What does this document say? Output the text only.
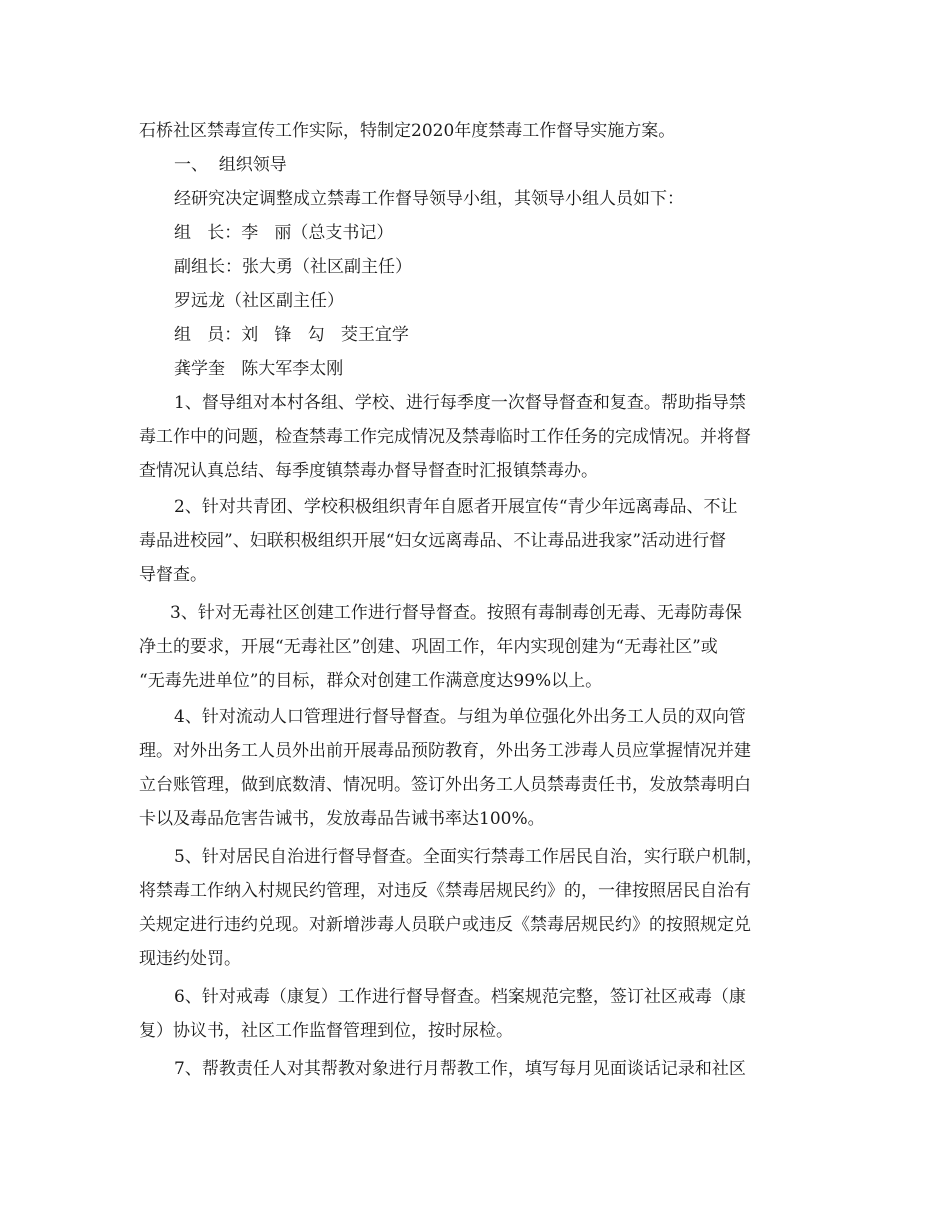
石桥社区禁毒宣传工作实际，特制定2020年度禁毒工作督导实施方案。
一、  组织领导
经研究决定调整成立禁毒工作督导领导小组，其领导小组人员如下：
组   长：李   丽（总支书记）
副组长：张大勇（社区副主任）
罗远龙（社区副主任）
组   员：刘   锋   勾   茭王宜学
龚学奎   陈大军李太刚
1、督导组对本村各组、学校、进行每季度一次督导督查和复查。帮助指导禁
毒工作中的问题，检查禁毒工作完成情况及禁毒临时工作任务的完成情况。并将督
查情况认真总结、每季度镇禁毒办督导督查时汇报镇禁毒办。
2、针对共青团、学校积极组织青年自愿者开展宣传“青少年远离毒品、不让
毒品进校园”、妇联积极组织开展“妇女远离毒品、不让毒品进我家”活动进行督
导督查。
3、针对无毒社区创建工作进行督导督查。按照有毒制毒创无毒、无毒防毒保
净土的要求，开展“无毒社区”创建、巩固工作，年内实现创建为“无毒社区”或
“无毒先进单位”的目标，群众对创建工作满意度达99%以上。
4、针对流动人口管理进行督导督查。与组为单位强化外出务工人员的双向管
理。对外出务工人员外出前开展毒品预防教育，外出务工涉毒人员应掌握情况并建
立台账管理，做到底数清、情况明。签订外出务工人员禁毒责任书，发放禁毒明白
卡以及毒品危害告诫书，发放毒品告诫书率达100%。
5、针对居民自治进行督导督查。全面实行禁毒工作居民自治，实行联户机制，
将禁毒工作纳入村规民约管理，对违反《禁毒居规民约》的，一律按照居民自治有
关规定进行违约兑现。对新增涉毒人员联户或违反《禁毒居规民约》的按照规定兑
现违约处罚。
6、针对戒毒（康复）工作进行督导督查。档案规范完整，签订社区戒毒（康
复）协议书，社区工作监督管理到位，按时尿检。
7、帮教责任人对其帮教对象进行月帮教工作，填写每月见面谈话记录和社区
